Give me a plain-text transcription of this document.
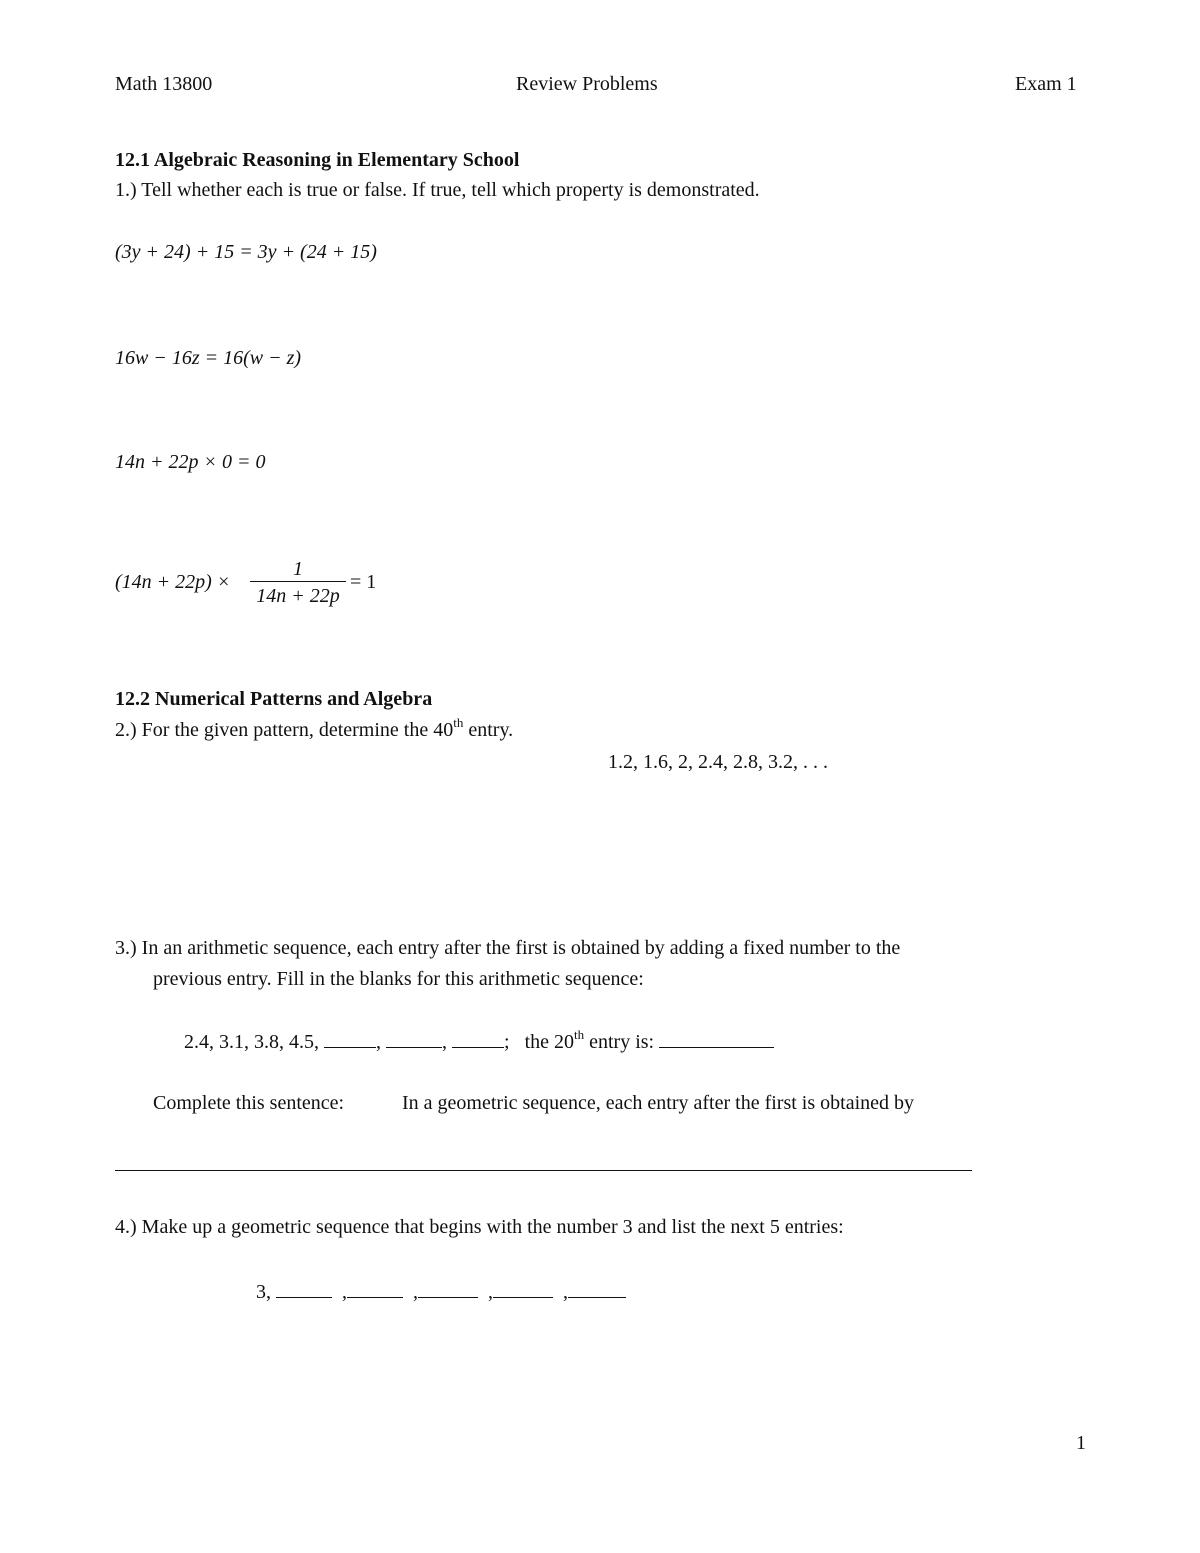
Math 13800	Review Problems	Exam 1
12.1 Algebraic Reasoning in Elementary School
1.) Tell whether each is true or false. If true, tell which property is demonstrated.
(3y + 24) + 15 = 3y + (24 + 15)
16w − 16z = 16(w − z)
14n + 22p × 0 = 0
(14n + 22p) ×
1
14n + 22p
= 1
12.2 Numerical Patterns and Algebra
2.) For the given pattern, determine the 40th entry.
1.2, 1.6, 2, 2.4, 2.8, 3.2, . . .
3.) In an arithmetic sequence, each entry after the first is obtained by adding a fixed number to the
previous entry. Fill in the blanks for this arithmetic sequence:
2.4, 3.1, 3.8, 4.5,	,	,	; the 20th entry is:
Complete this sentence:	In a geometric sequence, each entry after the first is obtained by
4.) Make up a geometric sequence that begins with the number 3 and list the next 5 entries:
3,	,	,	,	,
1
